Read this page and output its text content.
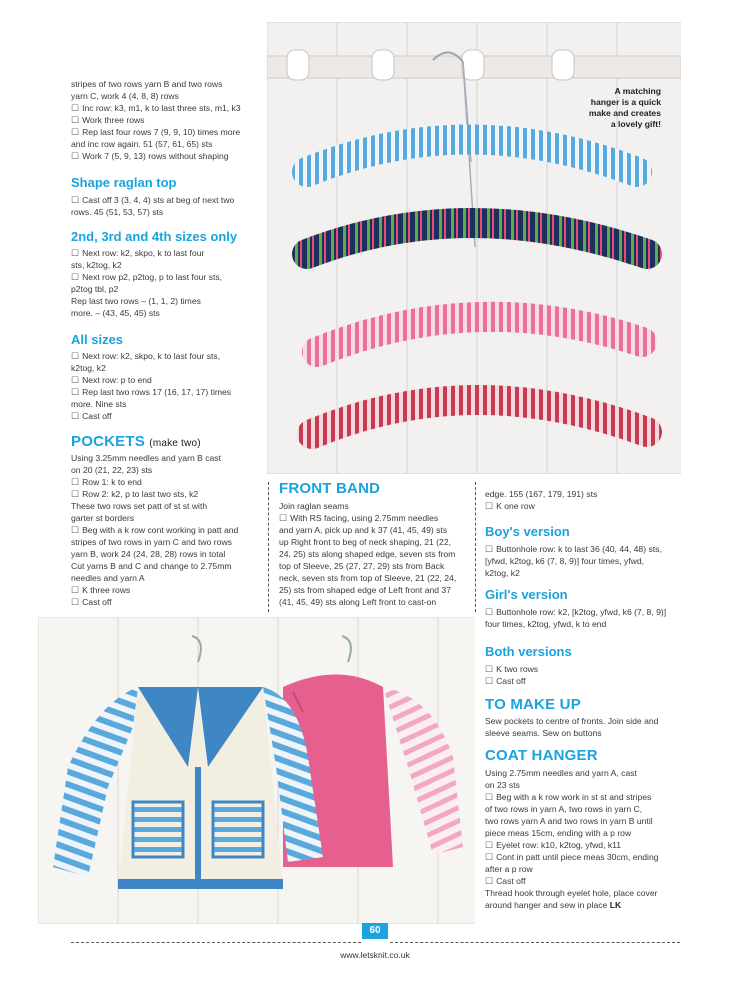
stripes of two rows yarn B and two rows
yarn C, work 4 (4, 8, 8) rows
☐ Inc row: k3, m1, k to last three sts, m1, k3
☐ Work three rows
☐ Rep last four rows 7 (9, 9, 10) times more
and inc row again. 51 (57, 61, 65) sts
☐ Work 7 (5, 9, 13) rows without shaping
Shape raglan top
☐ Cast off 3 (3, 4, 4) sts at beg of next two
rows. 45 (51, 53, 57) sts
2nd, 3rd and 4th sizes only
☐ Next row: k2, skpo, k to last four
sts, k2tog, k2
☐ Next row p2, p2tog, p to last four sts,
p2tog tbl, p2
Rep last two rows – (1, 1, 2) times
more. – (43, 45, 45) sts
All sizes
☐ Next row: k2, skpo, k to last four sts,
k2tog, k2
☐ Next row: p to end
☐ Rep last two rows 17 (16, 17, 17) times
more. Nine sts
☐ Cast off
POCKETS (make two)
Using 3.25mm needles and yarn B cast
on 20 (21, 22, 23) sts
☐ Row 1: k to end
☐ Row 2: k2, p to last two sts, k2
These two rows set patt of st st with
garter st borders
☐ Beg with a k row cont working in patt and
stripes of two rows in yarn C and two rows
yarn B, work 24 (24, 28, 28) rows in total
Cut yarns B and C and change to 2.75mm
needles and yarn A
☐ K three rows
☐ Cast off
A matching
hanger is a quick
make and creates
a lovely gift!
FRONT BAND
Join raglan seams
☐ With RS facing, using 2.75mm needles
and yarn A, pick up and k 37 (41, 45, 49) sts
up Right front to beg of neck shaping, 21 (22,
24, 25) sts along shaped edge, seven sts from
top of Sleeve, 25 (27, 27, 29) sts from Back
neck, seven sts from top of Sleeve, 21 (22, 24,
25) sts from shaped edge of Left front and 37
(41, 45, 49) sts along Left front to cast-on
edge. 155 (167, 179, 191) sts
☐ K one row
Boy's version
☐ Buttonhole row: k to last 36 (40, 44, 48) sts,
[yfwd, k2tog, k6 (7, 8, 9)] four times, yfwd,
k2tog, k2
Girl's version
☐ Buttonhole row: k2, [k2tog, yfwd, k6 (7, 8, 9)]
four times, k2tog, yfwd, k to end
Both versions
☐ K two rows
☐ Cast off
TO MAKE UP
Sew pockets to centre of fronts. Join side and
sleeve seams. Sew on buttons
COAT HANGER
Using 2.75mm needles and yarn A, cast
on 23 sts
☐ Beg with a k row work in st st and stripes
of two rows in yarn A, two rows in yarn C,
two rows yarn A and two rows in yarn B until
piece meas 15cm, ending with a p row
☐ Eyelet row: k10, k2tog, yfwd, k11
☐ Cont in patt until piece meas 30cm, ending
after a p row
☐ Cast off
Thread hook through eyelet hole, place cover
around hanger and sew in place LK
60
www.letsknit.co.uk
